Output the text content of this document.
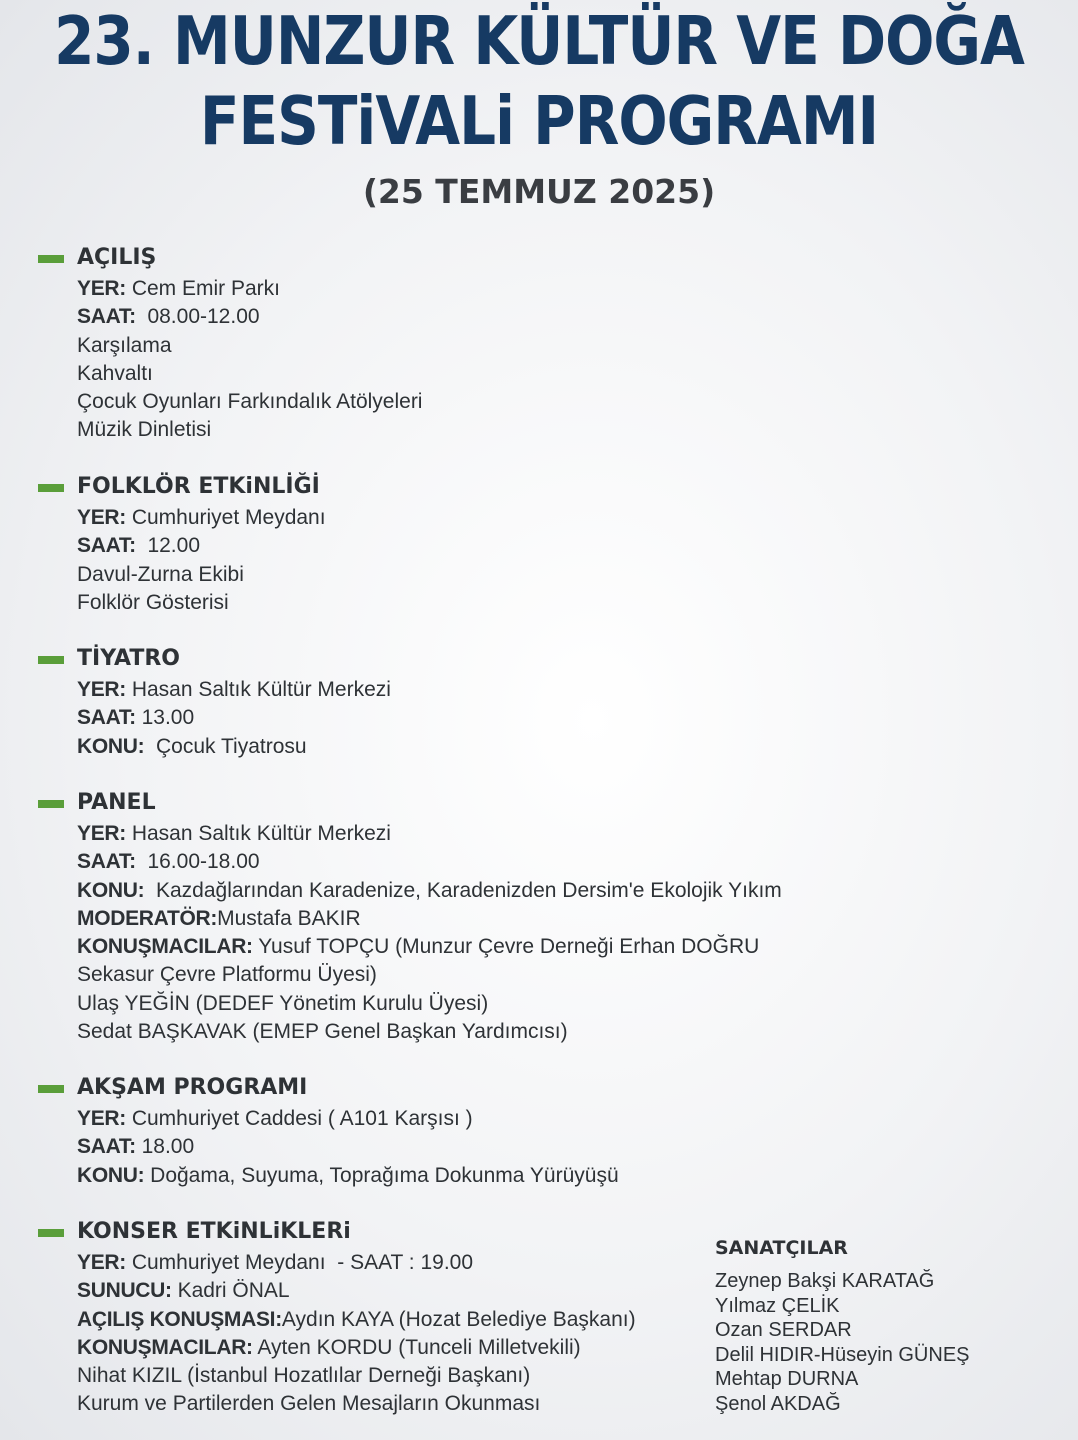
23. MUNZUR KÜLTÜR VE DOĞA
FESTiVALi PROGRAMI
(25 TEMMUZ 2025)
AÇILIŞ
YER: Cem Emir Parkı
SAAT:  08.00-12.00
Karşılama
Kahvaltı
Çocuk Oyunları Farkındalık Atölyeleri
Müzik Dinletisi
FOLKLÖR ETKiNLİĞİ
YER: Cumhuriyet Meydanı
SAAT:  12.00
Davul-Zurna Ekibi
Folklör Gösterisi
TİYATRO
YER: Hasan Saltık Kültür Merkezi
SAAT: 13.00
KONU:  Çocuk Tiyatrosu
PANEL
YER: Hasan Saltık Kültür Merkezi
SAAT:  16.00-18.00
KONU:  Kazdağlarından Karadenize, Karadenizden Dersim'e Ekolojik Yıkım
MODERATÖR:Mustafa BAKIR
KONUŞMACILAR: Yusuf TOPÇU (Munzur Çevre Derneği Erhan DOĞRU
Sekasur Çevre Platformu Üyesi)
Ulaş YEĞİN (DEDEF Yönetim Kurulu Üyesi)
Sedat BAŞKAVAK (EMEP Genel Başkan Yardımcısı)
AKŞAM PROGRAMI
YER: Cumhuriyet Caddesi ( A101 Karşısı )
SAAT: 18.00
KONU: Doğama, Suyuma, Toprağıma Dokunma Yürüyüşü
KONSER ETKiNLiKLERi
YER: Cumhuriyet Meydanı  - SAAT : 19.00
SUNUCU: Kadri ÖNAL
AÇILIŞ KONUŞMASI:Aydın KAYA (Hozat Belediye Başkanı)
KONUŞMACILAR: Ayten KORDU (Tunceli Milletvekili)
Nihat KIZIL (İstanbul Hozatlılar Derneği Başkanı)
Kurum ve Partilerden Gelen Mesajların Okunması
SANATÇILAR
Zeynep Bakşi KARATAĞ
Yılmaz ÇELİK
Ozan SERDAR
Delil HIDIR-Hüseyin GÜNEŞ
Mehtap DURNA
Şenol AKDAĞ
